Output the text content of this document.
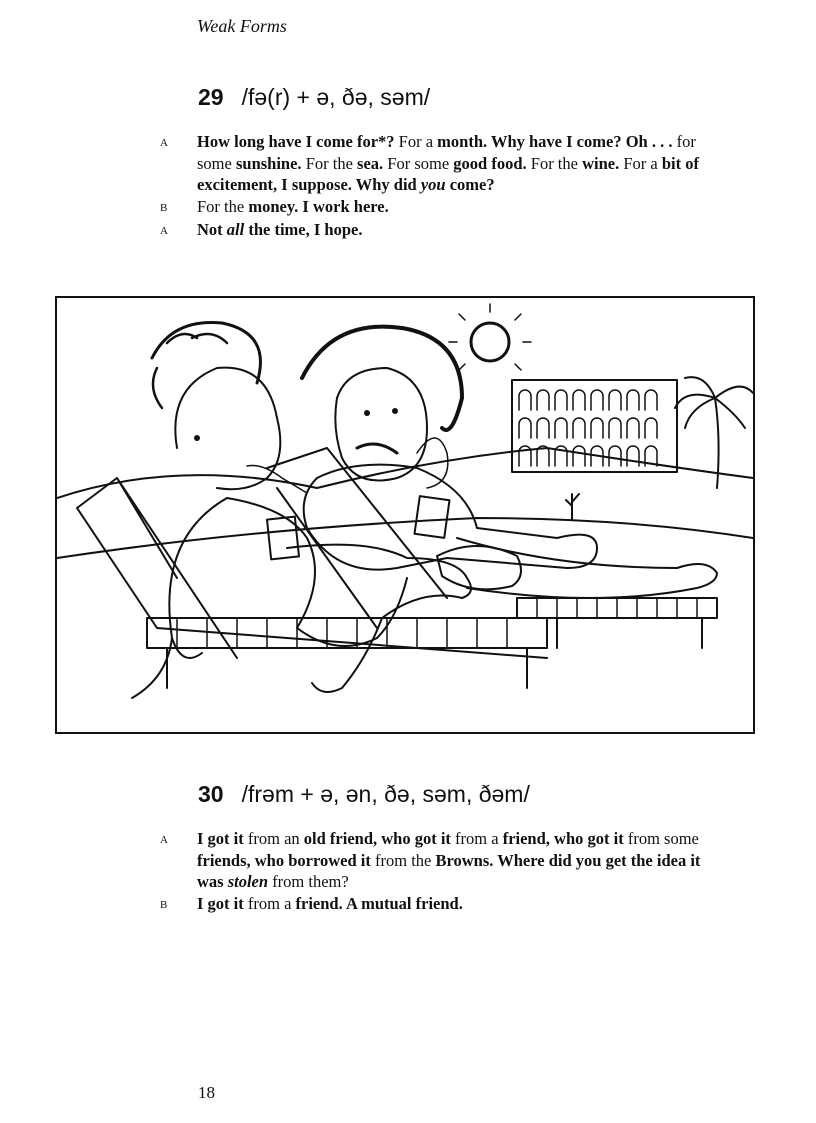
Weak Forms
29 /fə(r) + ə, ðə, səm/
A	How long have I come for*? For a month. Why have I come? Oh . . . for some sunshine. For the sea. For some good food. For the wine. For a bit of excitement, I suppose. Why did you come?
B	For the money. I work here.
A	Not all the time, I hope.
30 /frəm + ə, ən, ðə, səm, ðəm/
A	I got it from an old friend, who got it from a friend, who got it from some friends, who borrowed it from the Browns. Where did you get the idea it was stolen from them?
B	I got it from a friend. A mutual friend.
18
